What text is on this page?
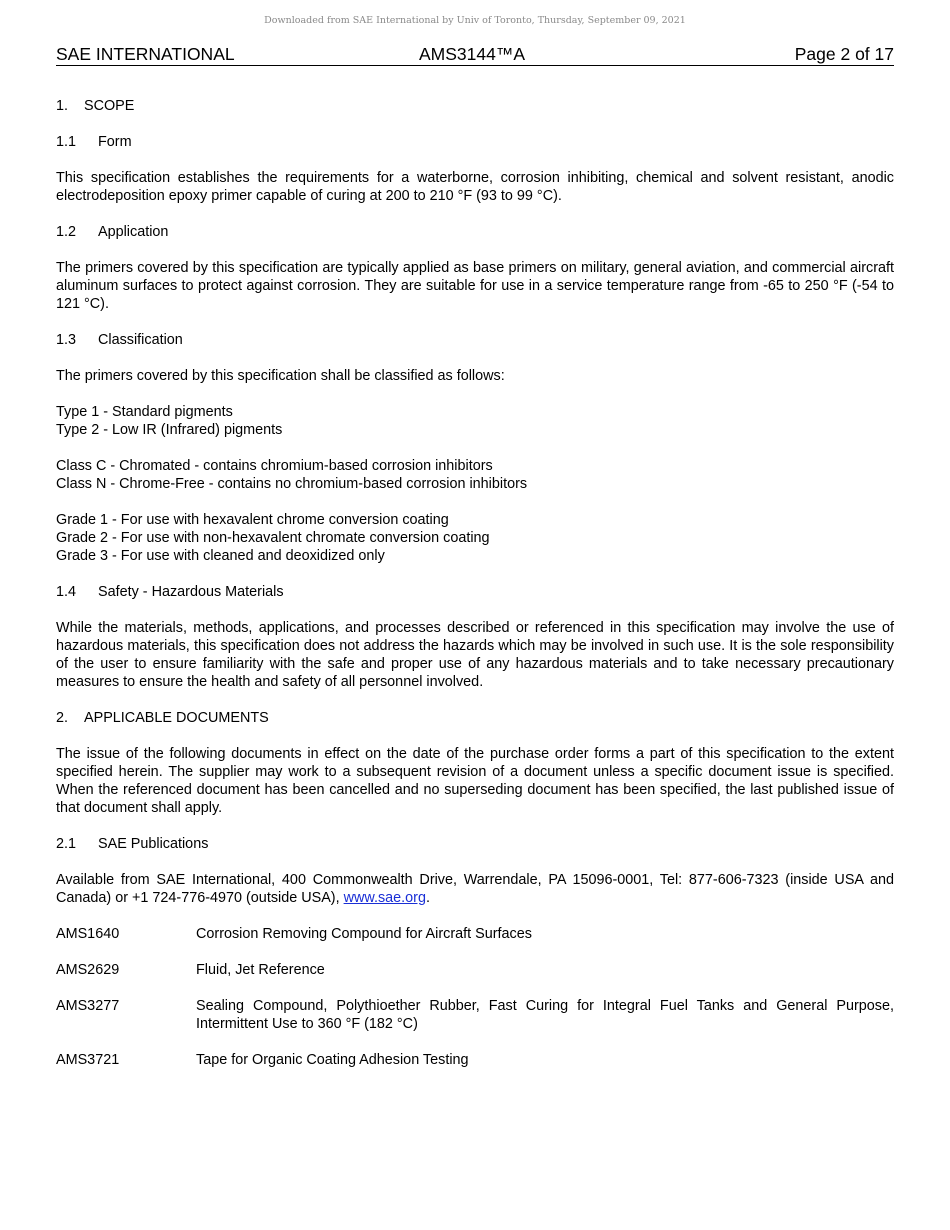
Downloaded from SAE International by Univ of Toronto, Thursday, September 09, 2021
SAE INTERNATIONAL	AMS3144™A	Page 2 of 17
1. SCOPE
1.1 Form

This specification establishes the requirements for a waterborne, corrosion inhibiting, chemical and solvent resistant, anodic electrodeposition epoxy primer capable of curing at 200 to 210 °F (93 to 99 °C).

1.2 Application

The primers covered by this specification are typically applied as base primers on military, general aviation, and commercial aircraft aluminum surfaces to protect against corrosion. They are suitable for use in a service temperature range from -65 to 250 °F (-54 to 121 °C).

1.3 Classification

The primers covered by this specification shall be classified as follows:

Type 1 - Standard pigments
Type 2 - Low IR (Infrared) pigments
Class C - Chromated - contains chromium-based corrosion inhibitors
Class N - Chrome-Free - contains no chromium-based corrosion inhibitors
Grade 1 - For use with hexavalent chrome conversion coating
Grade 2 - For use with non-hexavalent chromate conversion coating
Grade 3 - For use with cleaned and deoxidized only
1.4 Safety - Hazardous Materials

While the materials, methods, applications, and processes described or referenced in this specification may involve the use of hazardous materials, this specification does not address the hazards which may be involved in such use. It is the sole responsibility of the user to ensure familiarity with the safe and proper use of any hazardous materials and to take necessary precautionary measures to ensure the health and safety of all personnel involved.

2. APPLICABLE DOCUMENTS

The issue of the following documents in effect on the date of the purchase order forms a part of this specification to the extent specified herein. The supplier may work to a subsequent revision of a document unless a specific document issue is specified. When the referenced document has been cancelled and no superseding document has been specified, the last published issue of that document shall apply.

2.1 SAE Publications

Available from SAE International, 400 Commonwealth Drive, Warrendale, PA 15096-0001, Tel: 877-606-7323 (inside USA and Canada) or +1 724-776-4970 (outside USA), www.sae.org.

AMS1640	Corrosion Removing Compound for Aircraft Surfaces
AMS2629	Fluid, Jet Reference
AMS3277	Sealing Compound, Polythioether Rubber, Fast Curing for Integral Fuel Tanks and General Purpose, Intermittent Use to 360 °F (182 °C)
AMS3721	Tape for Organic Coating Adhesion Testing
